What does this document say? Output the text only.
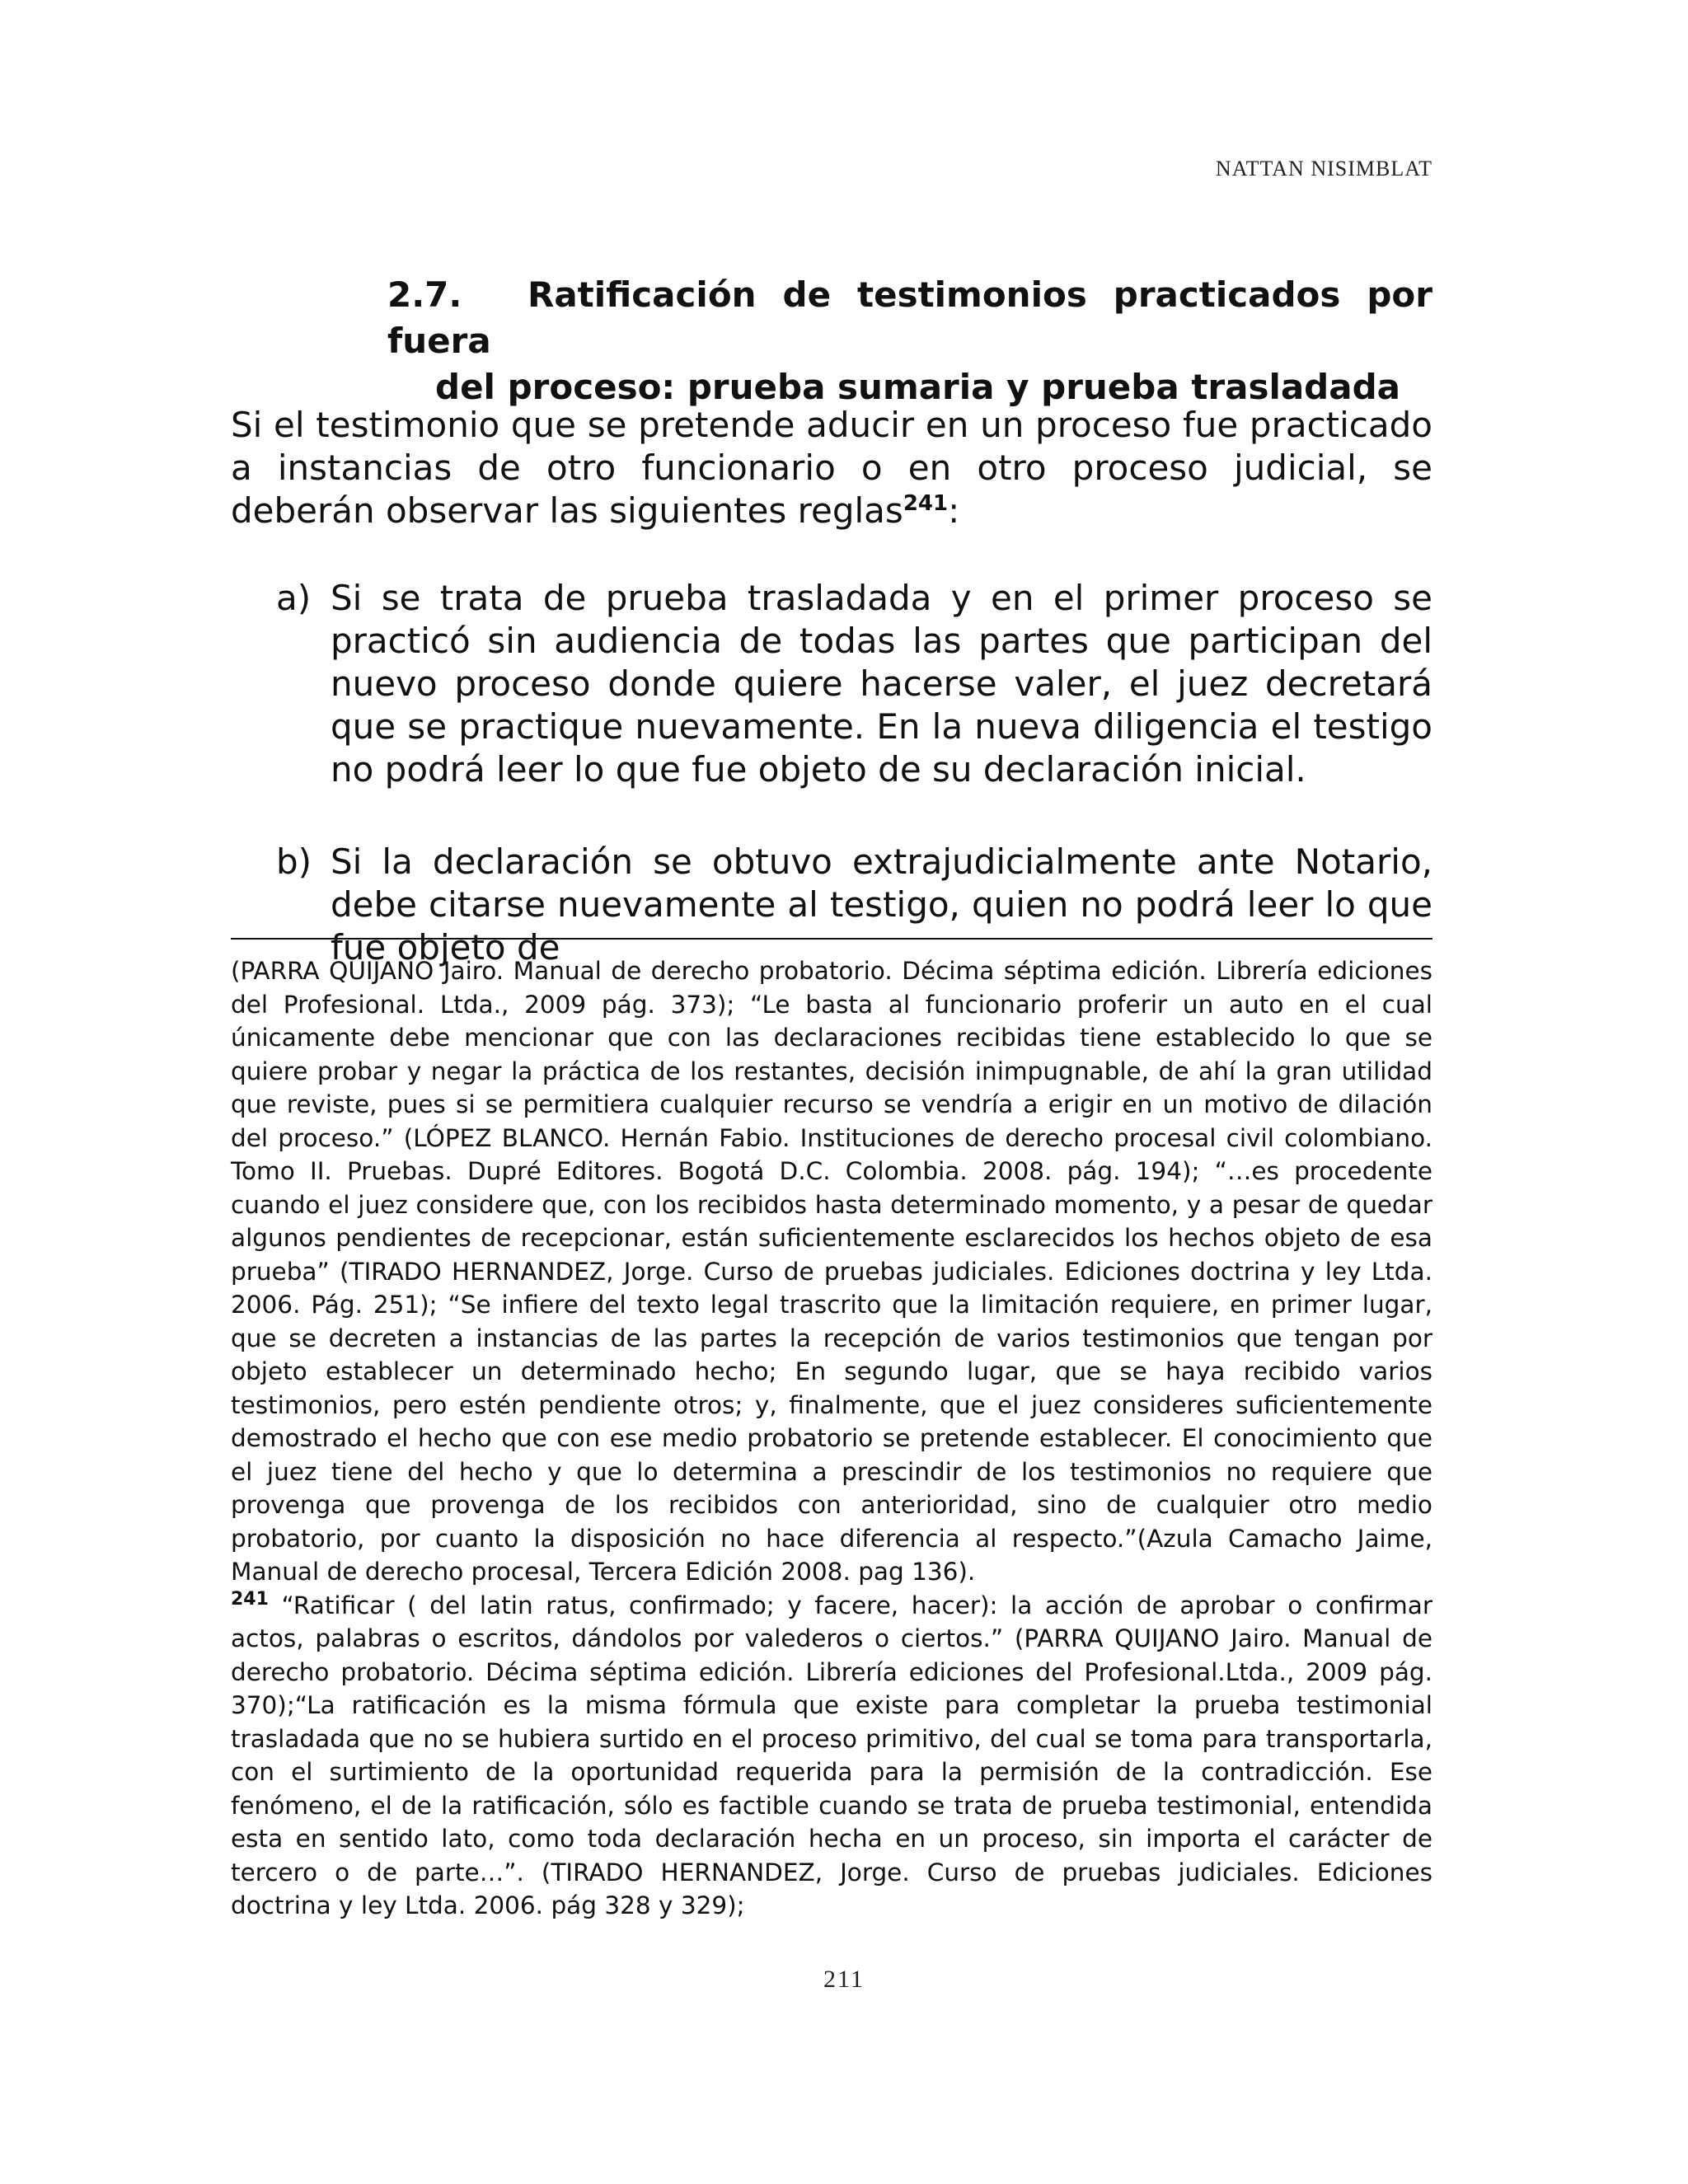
NATTAN NISIMBLAT
2.7. Ratificación de testimonios practicados por fuera
del proceso: prueba sumaria y prueba trasladada

Si el testimonio que se pretende aducir en un proceso fue practicado a instancias de otro funcionario o en otro proceso judicial, se deberán observar las siguientes reglas$^{241}$:

a) Si se trata de prueba trasladada y en el primer proceso se practicó sin audiencia de todas las partes que participan del nuevo proceso donde quiere hacerse valer, el juez decretará que se practique nuevamente. En la nueva diligencia el testigo no podrá leer lo que fue objeto de su declaración inicial.
b) Si la declaración se obtuvo extrajudicialmente ante Notario, debe citarse nuevamente al testigo, quien no podrá leer lo que fue objeto de

(PARRA QUIJANO Jairo. Manual de derecho probatorio. Décima séptima edición. Librería ediciones del Profesional. Ltda., 2009 pág. 373); “Le basta al funcionario proferir un auto en el cual únicamente debe mencionar que con las declaraciones recibidas tiene establecido lo que se quiere probar y negar la práctica de los restantes, decisión inimpugnable, de ahí la gran utilidad que reviste, pues si se permitiera cualquier recurso se vendría a erigir en un motivo de dilación del proceso.” (LÓPEZ BLANCO. Hernán Fabio. Instituciones de derecho procesal civil colombiano. Tomo II. Pruebas. Dupré Editores. Bogotá D.C. Colombia. 2008. pág. 194); “…es procedente cuando el juez considere que, con los recibidos hasta determinado momento, y a pesar de quedar algunos pendientes de recepcionar, están suficientemente esclarecidos los hechos objeto de esa prueba” (TIRADO HERNANDEZ, Jorge. Curso de pruebas judiciales. Ediciones doctrina y ley Ltda. 2006. Pág. 251); “Se infiere del texto legal trascrito que la limitación requiere, en primer lugar, que se decreten a instancias de las partes la recepción de varios testimonios que tengan por objeto establecer un determinado hecho; En segundo lugar, que se haya recibido varios testimonios, pero estén pendiente otros; y, finalmente, que el juez consideres suficientemente demostrado el hecho que con ese medio probatorio se pretende establecer. El conocimiento que el juez tiene del hecho y que lo determina a prescindir de los testimonios no requiere que provenga que provenga de los recibidos con anterioridad, sino de cualquier otro medio probatorio, por cuanto la disposición no hace diferencia al respecto.”(Azula Camacho Jaime, Manual de derecho procesal, Tercera Edición 2008. pag 136).

$^{241}$ “Ratificar ( del latin ratus, confirmado; y facere, hacer): la acción de aprobar o confirmar actos, palabras o escritos, dándolos por valederos o ciertos.” (PARRA QUIJANO Jairo. Manual de derecho probatorio. Décima séptima edición. Librería ediciones del Profesional.Ltda., 2009 pág. 370);“La ratificación es la misma fórmula que existe para completar la prueba testimonial trasladada que no se hubiera surtido en el proceso primitivo, del cual se toma para transportarla, con el surtimiento de la oportunidad requerida para la permisión de la contradicción. Ese fenómeno, el de la ratificación, sólo es factible cuando se trata de prueba testimonial, entendida esta en sentido lato, como toda declaración hecha en un proceso, sin importa el carácter de tercero o de parte…”. (TIRADO HERNANDEZ, Jorge. Curso de pruebas judiciales. Ediciones doctrina y ley Ltda. 2006. pág 328 y 329);

211
